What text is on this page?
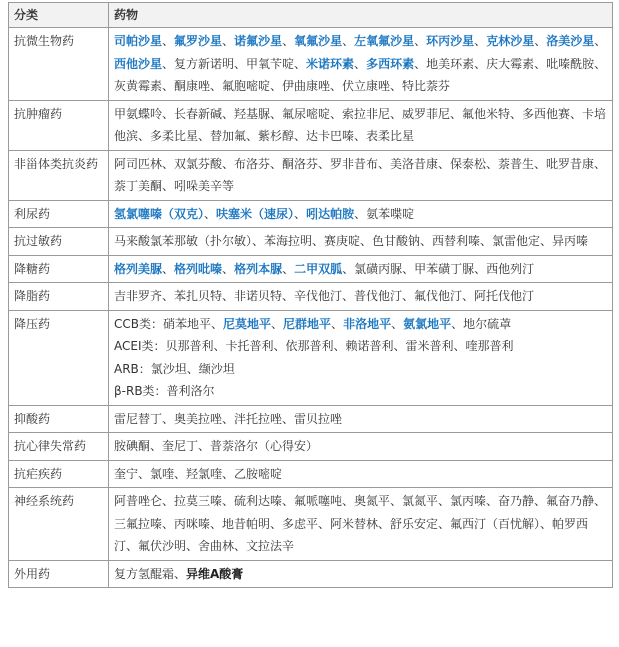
分类	药物
抗微生物药	司帕沙星、氟罗沙星、诺氟沙星、氧氟沙星、左氧氟沙星、环丙沙星、克林沙星、洛美沙星、西他沙星、复方新诺明、甲氧苄啶、米诺环素、多西环素、地美环素、庆大霉素、吡嗪酰胺、灰黄霉素、酮康唑、氟胞嘧啶、伊曲康唑、伏立康唑、特比萘芬

抗肿瘤药	甲氨蝶呤、长春新碱、羟基脲、氟尿嘧啶、索拉非尼、威罗菲尼、氟他米特、多西他赛、卡培他滨、多柔比星、替加氟、紫杉醇、达卡巴嗪、表柔比星

非甾体类抗炎药	阿司匹林、双氯芬酸、布洛芬、酮洛芬、罗非昔布、美洛昔康、保泰松、萘普生、吡罗昔康、萘丁美酮、吲哚美辛等

利尿药	氢氯噻嗪（双克）、呋塞米（速尿）、吲达帕胺、氨苯喋啶

抗过敏药	马来酸氯苯那敏（扑尔敏）、苯海拉明、赛庚啶、色甘酸钠、西替利嗪、氯雷他定、异丙嗪

降糖药	格列美脲、格列吡嗪、格列本脲、二甲双胍、氯磺丙脲、甲苯磺丁脲、西他列汀

降脂药	吉非罗齐、苯扎贝特、非诺贝特、辛伐他汀、普伐他汀、氟伐他汀、阿托伐他汀

降压药	CCB类：硝苯地平、尼莫地平、尼群地平、非洛地平、氨氯地平、地尔硫䓬
ACEI类：贝那普利、卡托普利、依那普利、赖诺普利、雷米普利、喹那普利
ARB：氯沙坦、缬沙坦
β-RB类：普利洛尔

抑酸药	雷尼替丁、奥美拉唑、泮托拉唑、雷贝拉唑

抗心律失常药	胺碘酮、奎尼丁、普萘洛尔（心得安）

抗疟疾药	奎宁、氯喹、羟氯喹、乙胺嘧啶

神经系统药	阿普唑仑、拉莫三嗪、硫利达嗪、氟哌噻吨、奥氮平、氯氮平、氯丙嗪、奋乃静、氟奋乃静、三氟拉嗪、丙咪嗪、地昔帕明、多虑平、阿米替林、舒乐安定、氟西汀（百忧解）、帕罗西汀、氟伏沙明、舍曲林、文拉法辛

外用药	复方氢醌霜、异维A酸膏
